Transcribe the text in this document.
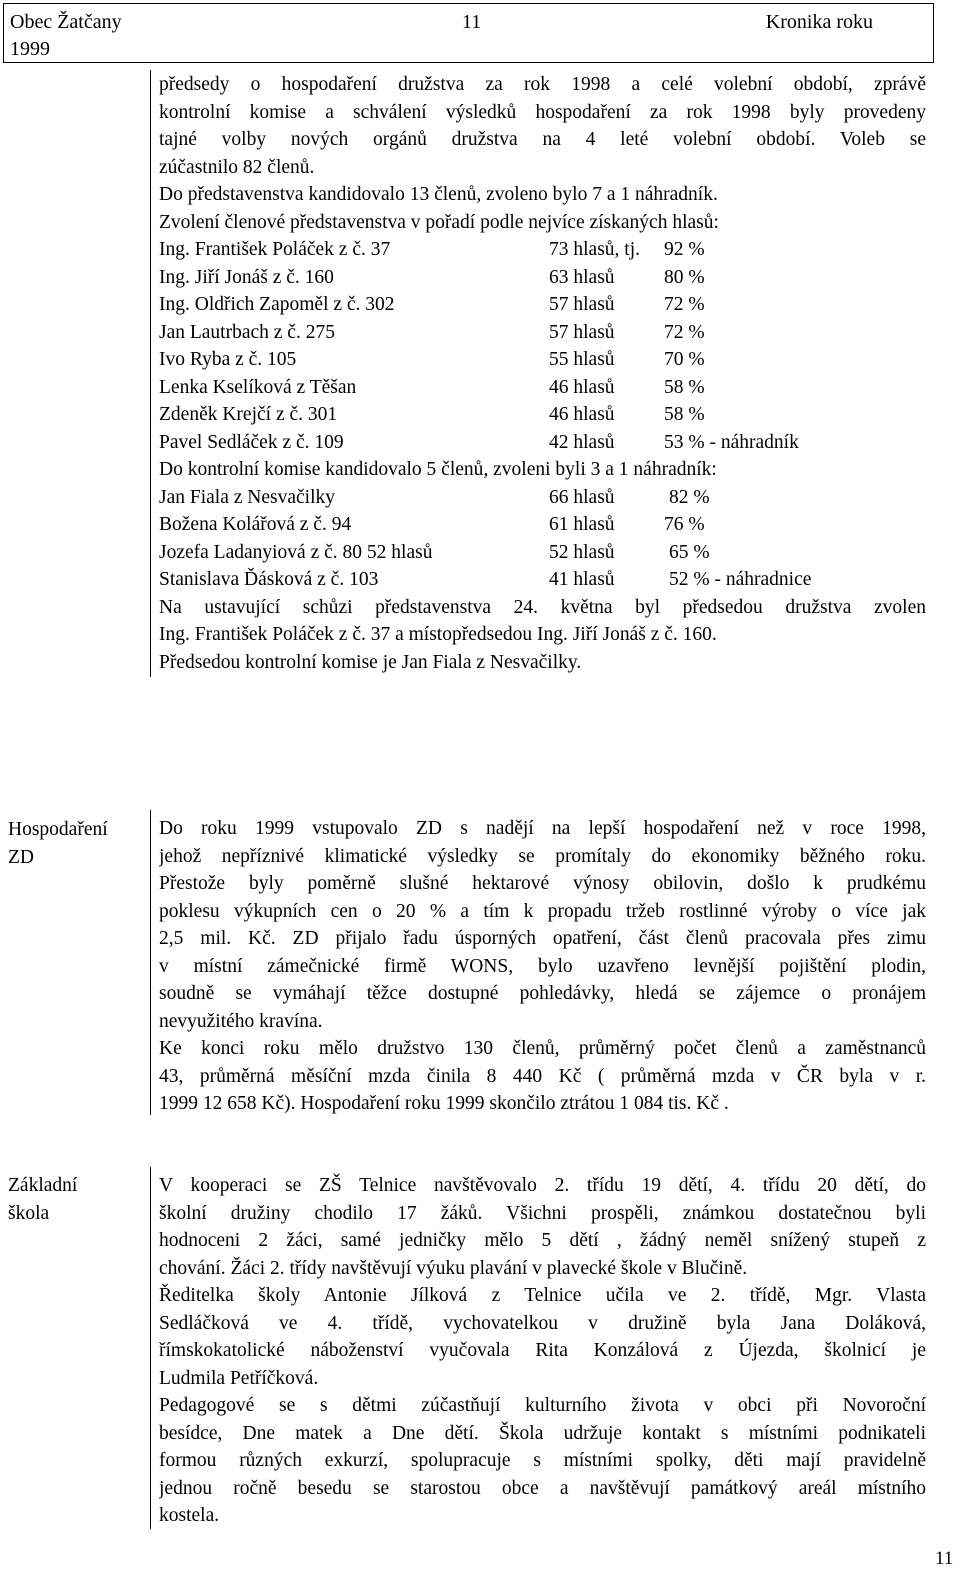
Obec Žatčany	11	Kronika roku
1999
předsedy o hospodaření družstva za rok 1998 a celé volební období, zprávě
kontrolní komise a schválení výsledků hospodaření za rok 1998 byly provedeny
tajné volby nových orgánů družstva na 4 leté volební období. Voleb se
zúčastnilo 82 členů.
Do představenstva kandidovalo 13 členů, zvoleno bylo 7 a 1 náhradník.
Zvolení členové představenstva v pořadí podle nejvíce získaných hlasů:
Ing. František Poláček z č. 37	73 hlasů, tj. 92 %
Ing. Jiří Jonáš z č. 160	63 hlasů	80 %
Ing. Oldřich Zapoměl z č. 302	57 hlasů	72 %
Jan Lautrbach z č. 275	57 hlasů	72 %
Ivo Ryba z č. 105	55 hlasů	70 %
Lenka Kselíková z Těšan	46 hlasů	58 %
Zdeněk Krejčí z č. 301	46 hlasů	58 %
Pavel Sedláček z č. 109	42 hlasů	53 % - náhradník
Do kontrolní komise kandidovalo 5 členů, zvoleni byli 3 a 1 náhradník:
Jan Fiala z Nesvačilky	66 hlasů	82 %
Božena Kolářová z č. 94	61 hlasů	76 %
Jozefa Ladanyiová z č. 80 52 hlasů	52 hlasů	65 %
Stanislava Ďásková z č. 103	41 hlasů	52 % - náhradnice
Na ustavující schůzi představenstva 24. května byl předsedou družstva zvolen
Ing. František Poláček z č. 37 a místopředsedou Ing. Jiří Jonáš z č. 160.
Předsedou kontrolní komise je Jan Fiala z Nesvačilky.
Hospodaření
ZD
Do roku 1999 vstupovalo ZD s nadějí na lepší hospodaření než v roce 1998,
jehož nepříznivé klimatické výsledky se promítaly do ekonomiky běžného roku.
Přestože byly poměrně slušné hektarové výnosy obilovin, došlo k prudkému
poklesu výkupních cen o 20 % a tím k propadu tržeb rostlinné výroby o více jak
2,5 mil. Kč. ZD přijalo řadu úsporných opatření, část členů pracovala přes zimu
v místní zámečnické firmě WONS, bylo uzavřeno levnější pojištění plodin,
soudně se vymáhají těžce dostupné pohledávky, hledá se zájemce o pronájem
nevyužitého kravína.
Ke konci roku mělo družstvo 130 členů, průměrný počet členů a zaměstnanců
43, průměrná měsíční mzda činila 8 440 Kč ( průměrná mzda v ČR byla v r.
1999 12 658 Kč). Hospodaření roku 1999 skončilo ztrátou 1 084 tis. Kč .
Základní
škola
V kooperaci se ZŠ Telnice navštěvovalo 2. třídu 19 dětí, 4. třídu 20 dětí, do
školní družiny chodilo 17 žáků. Všichni prospěli, známkou dostatečnou byli
hodnoceni 2 žáci, samé jedničky mělo 5 dětí , žádný neměl snížený stupeň z
chování. Žáci 2. třídy navštěvují výuku plavání v plavecké škole v Blučině.
Ředitelka školy Antonie Jílková z Telnice učila ve 2. třídě, Mgr. Vlasta
Sedláčková ve 4. třídě, vychovatelkou v družině byla Jana Doláková,
římskokatolické náboženství vyučovala Rita Konzálová z Újezda, školnicí je
Ludmila Petříčková.
Pedagogové se s dětmi zúčastňují kulturního života v obci při Novoroční
besídce, Dne matek a Dne dětí. Škola udržuje kontakt s místními podnikateli
formou různých exkurzí, spolupracuje s místními spolky, děti mají pravidelně
jednou ročně besedu se starostou obce a navštěvují památkový areál místního
kostela.
11
